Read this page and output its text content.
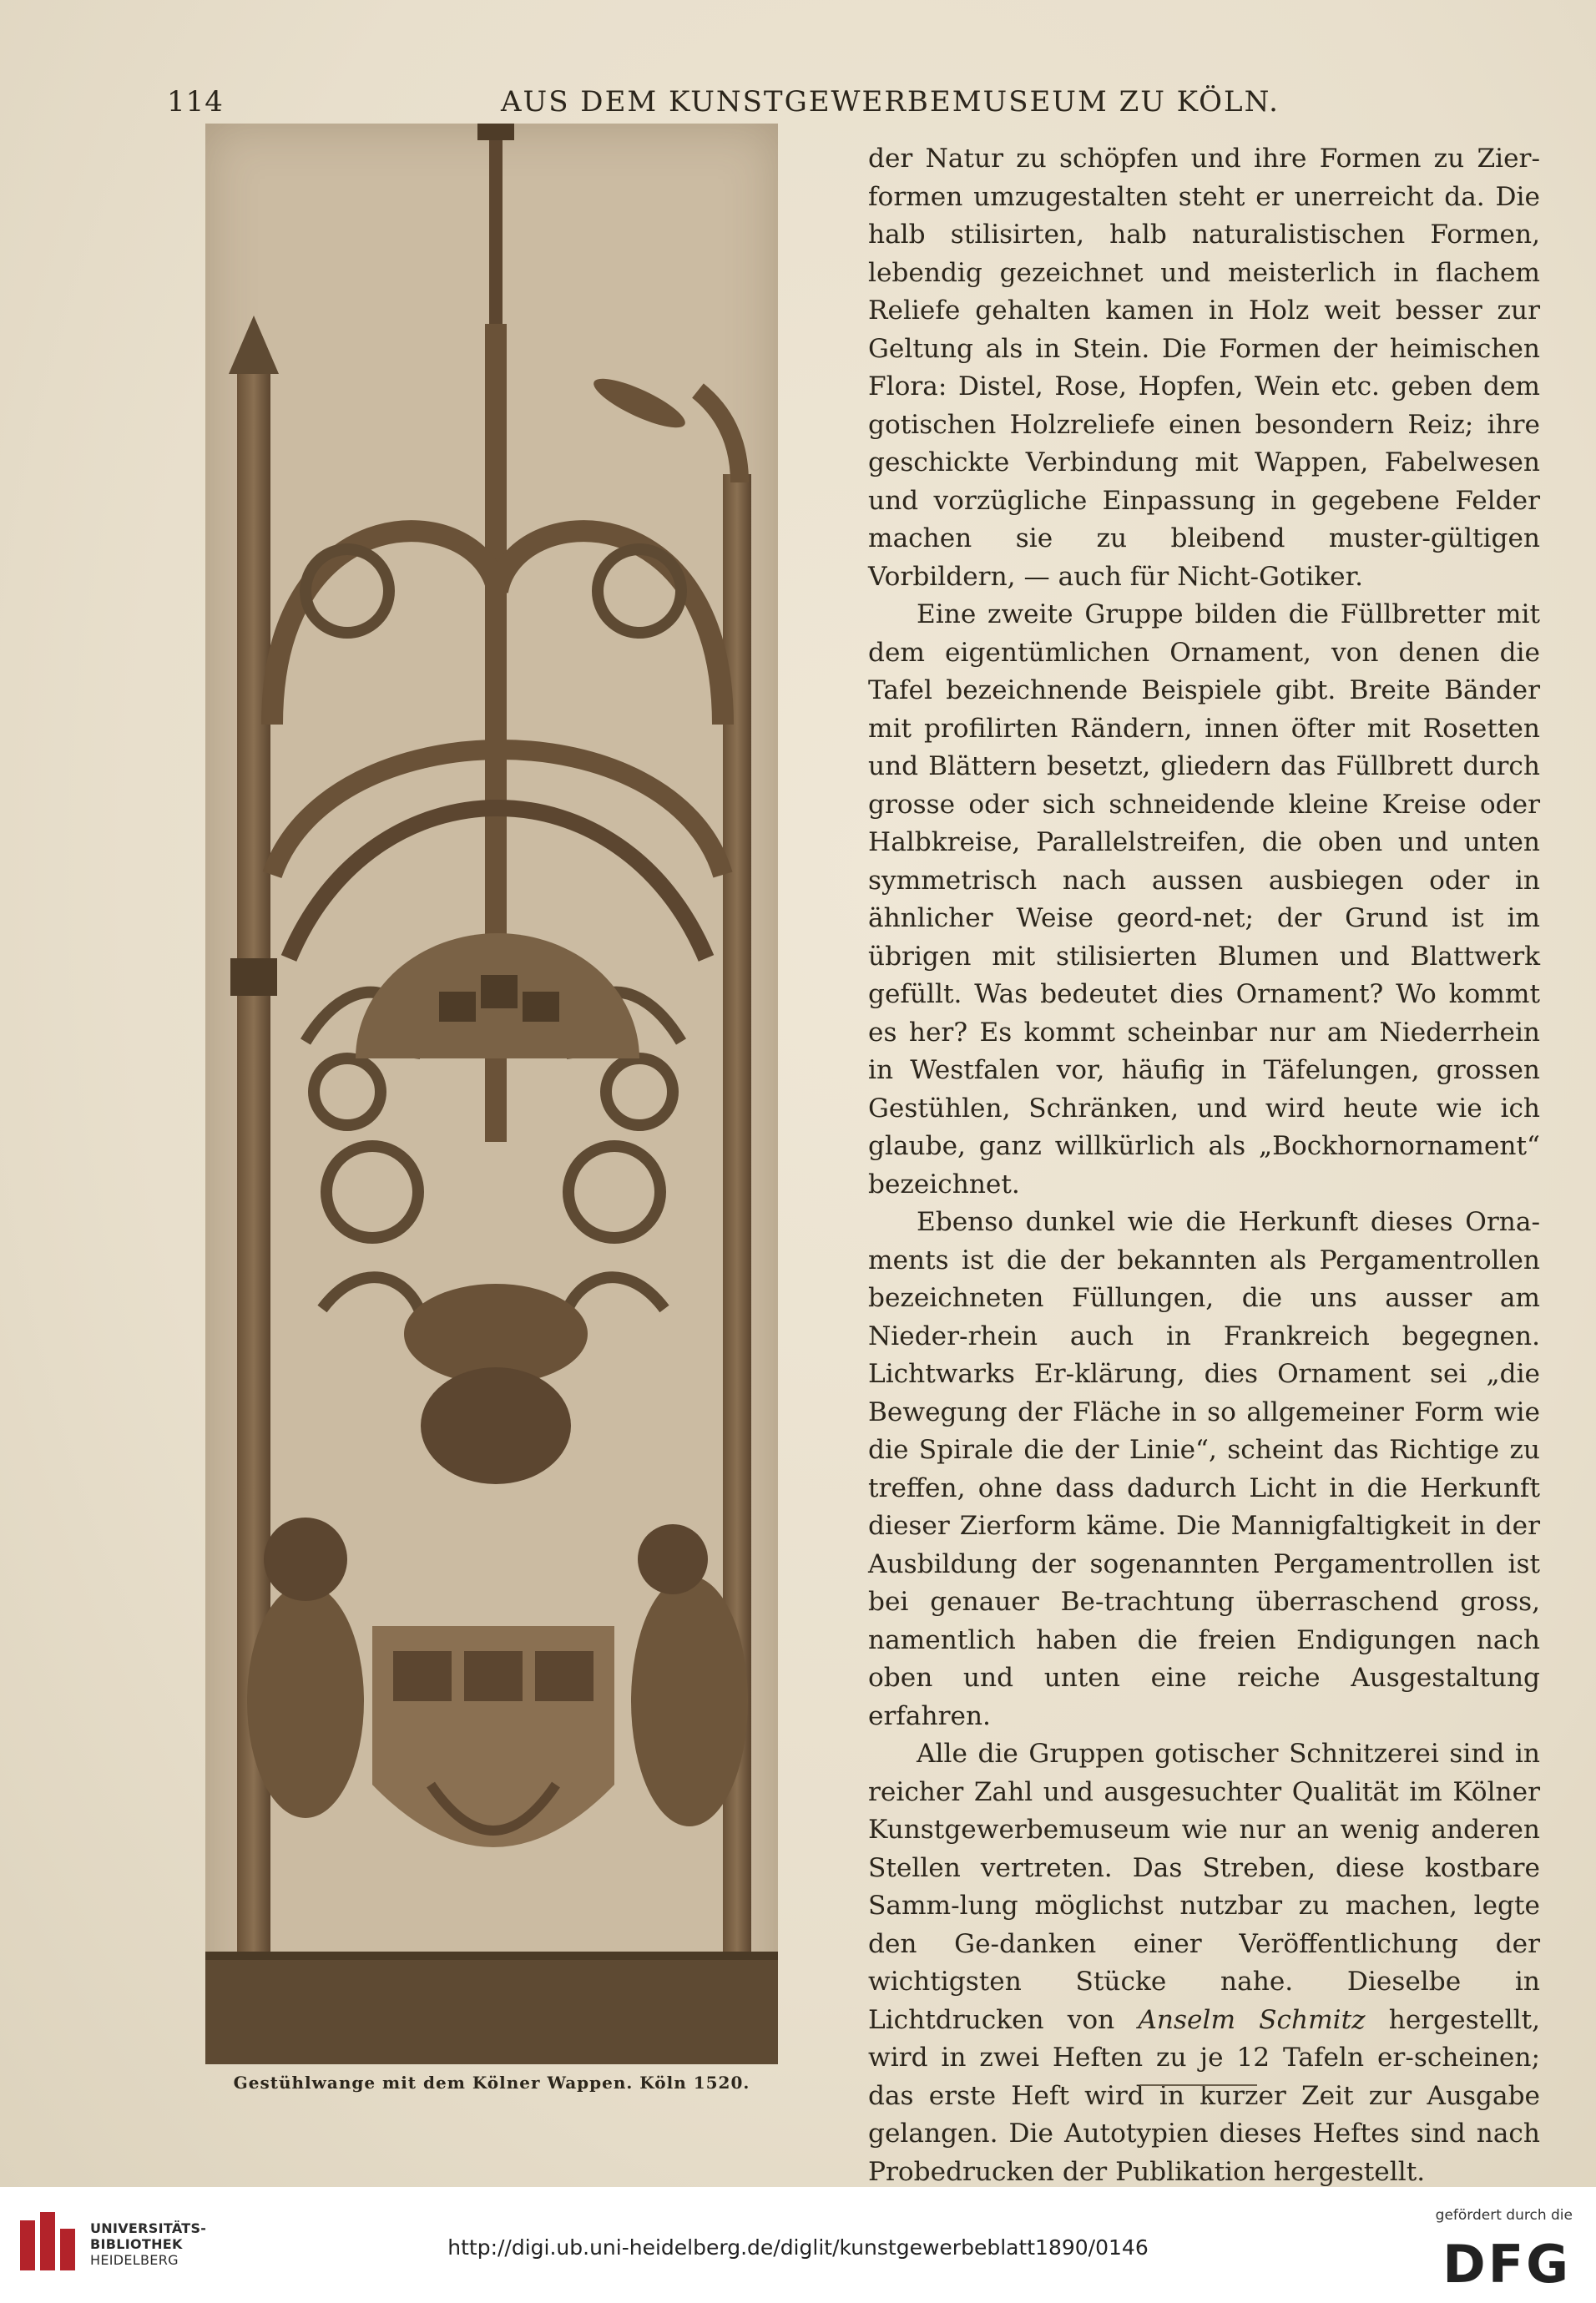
114	AUS DEM KUNSTGEWERBEMUSEUM ZU KÖLN.
Gestühlwange mit dem Kölner Wappen. Köln 1520.

der Natur zu schöpfen und ihre Formen zu Zier-formen umzugestalten steht er unerreicht da. Die halb stilisirten, halb naturalistischen Formen, lebendig gezeichnet und meisterlich in flachem Reliefe gehalten kamen in Holz weit besser zur Geltung als in Stein. Die Formen der heimischen Flora: Distel, Rose, Hopfen, Wein etc. geben dem gotischen Holzreliefe einen besondern Reiz; ihre geschickte Verbindung mit Wappen, Fabelwesen und vorzügliche Einpassung in gegebene Felder machen sie zu bleibend muster-gültigen Vorbildern, — auch für Nicht-Gotiker.

Eine zweite Gruppe bilden die Füllbretter mit dem eigentümlichen Ornament, von denen die Tafel bezeichnende Beispiele gibt. Breite Bänder mit profilirten Rändern, innen öfter mit Rosetten und Blättern besetzt, gliedern das Füllbrett durch grosse oder sich schneidende kleine Kreise oder Halbkreise, Parallelstreifen, die oben und unten symmetrisch nach aussen ausbiegen oder in ähnlicher Weise geord-net; der Grund ist im übrigen mit stilisierten Blumen und Blattwerk gefüllt. Was bedeutet dies Ornament? Wo kommt es her? Es kommt scheinbar nur am Niederrhein in Westfalen vor, häufig in Täfelungen, grossen Gestühlen, Schränken, und wird heute wie ich glaube, ganz willkürlich als „Bockhornornament“ bezeichnet.

Ebenso dunkel wie die Herkunft dieses Orna-ments ist die der bekannten als Pergamentrollen bezeichneten Füllungen, die uns ausser am Nieder-rhein auch in Frankreich begegnen. Lichtwarks Er-klärung, dies Ornament sei „die Bewegung der Fläche in so allgemeiner Form wie die Spirale die der Linie“, scheint das Richtige zu treffen, ohne dass dadurch Licht in die Herkunft dieser Zierform käme. Die Mannigfaltigkeit in der Ausbildung der sogenannten Pergamentrollen ist bei genauer Be-trachtung überraschend gross, namentlich haben die freien Endigungen nach oben und unten eine reiche Ausgestaltung erfahren.

Alle die Gruppen gotischer Schnitzerei sind in reicher Zahl und ausgesuchter Qualität im Kölner Kunstgewerbemuseum wie nur an wenig anderen Stellen vertreten. Das Streben, diese kostbare Samm-lung möglichst nutzbar zu machen, legte den Ge-danken einer Veröffentlichung der wichtigsten Stücke nahe. Dieselbe in Lichtdrucken von Anselm Schmitz hergestellt, wird in zwei Heften zu je 12 Tafeln er-scheinen; das erste Heft wird in kurzer Zeit zur Ausgabe gelangen. Die Autotypien dieses Heftes sind nach Probedrucken der Publikation hergestellt.

UNIVERSITÄTS-
BIBLIOTHEK
HEIDELBERG
http://digi.ub.uni-heidelberg.de/diglit/kunstgewerbeblatt1890/0146
gefördert durch die
DFG
